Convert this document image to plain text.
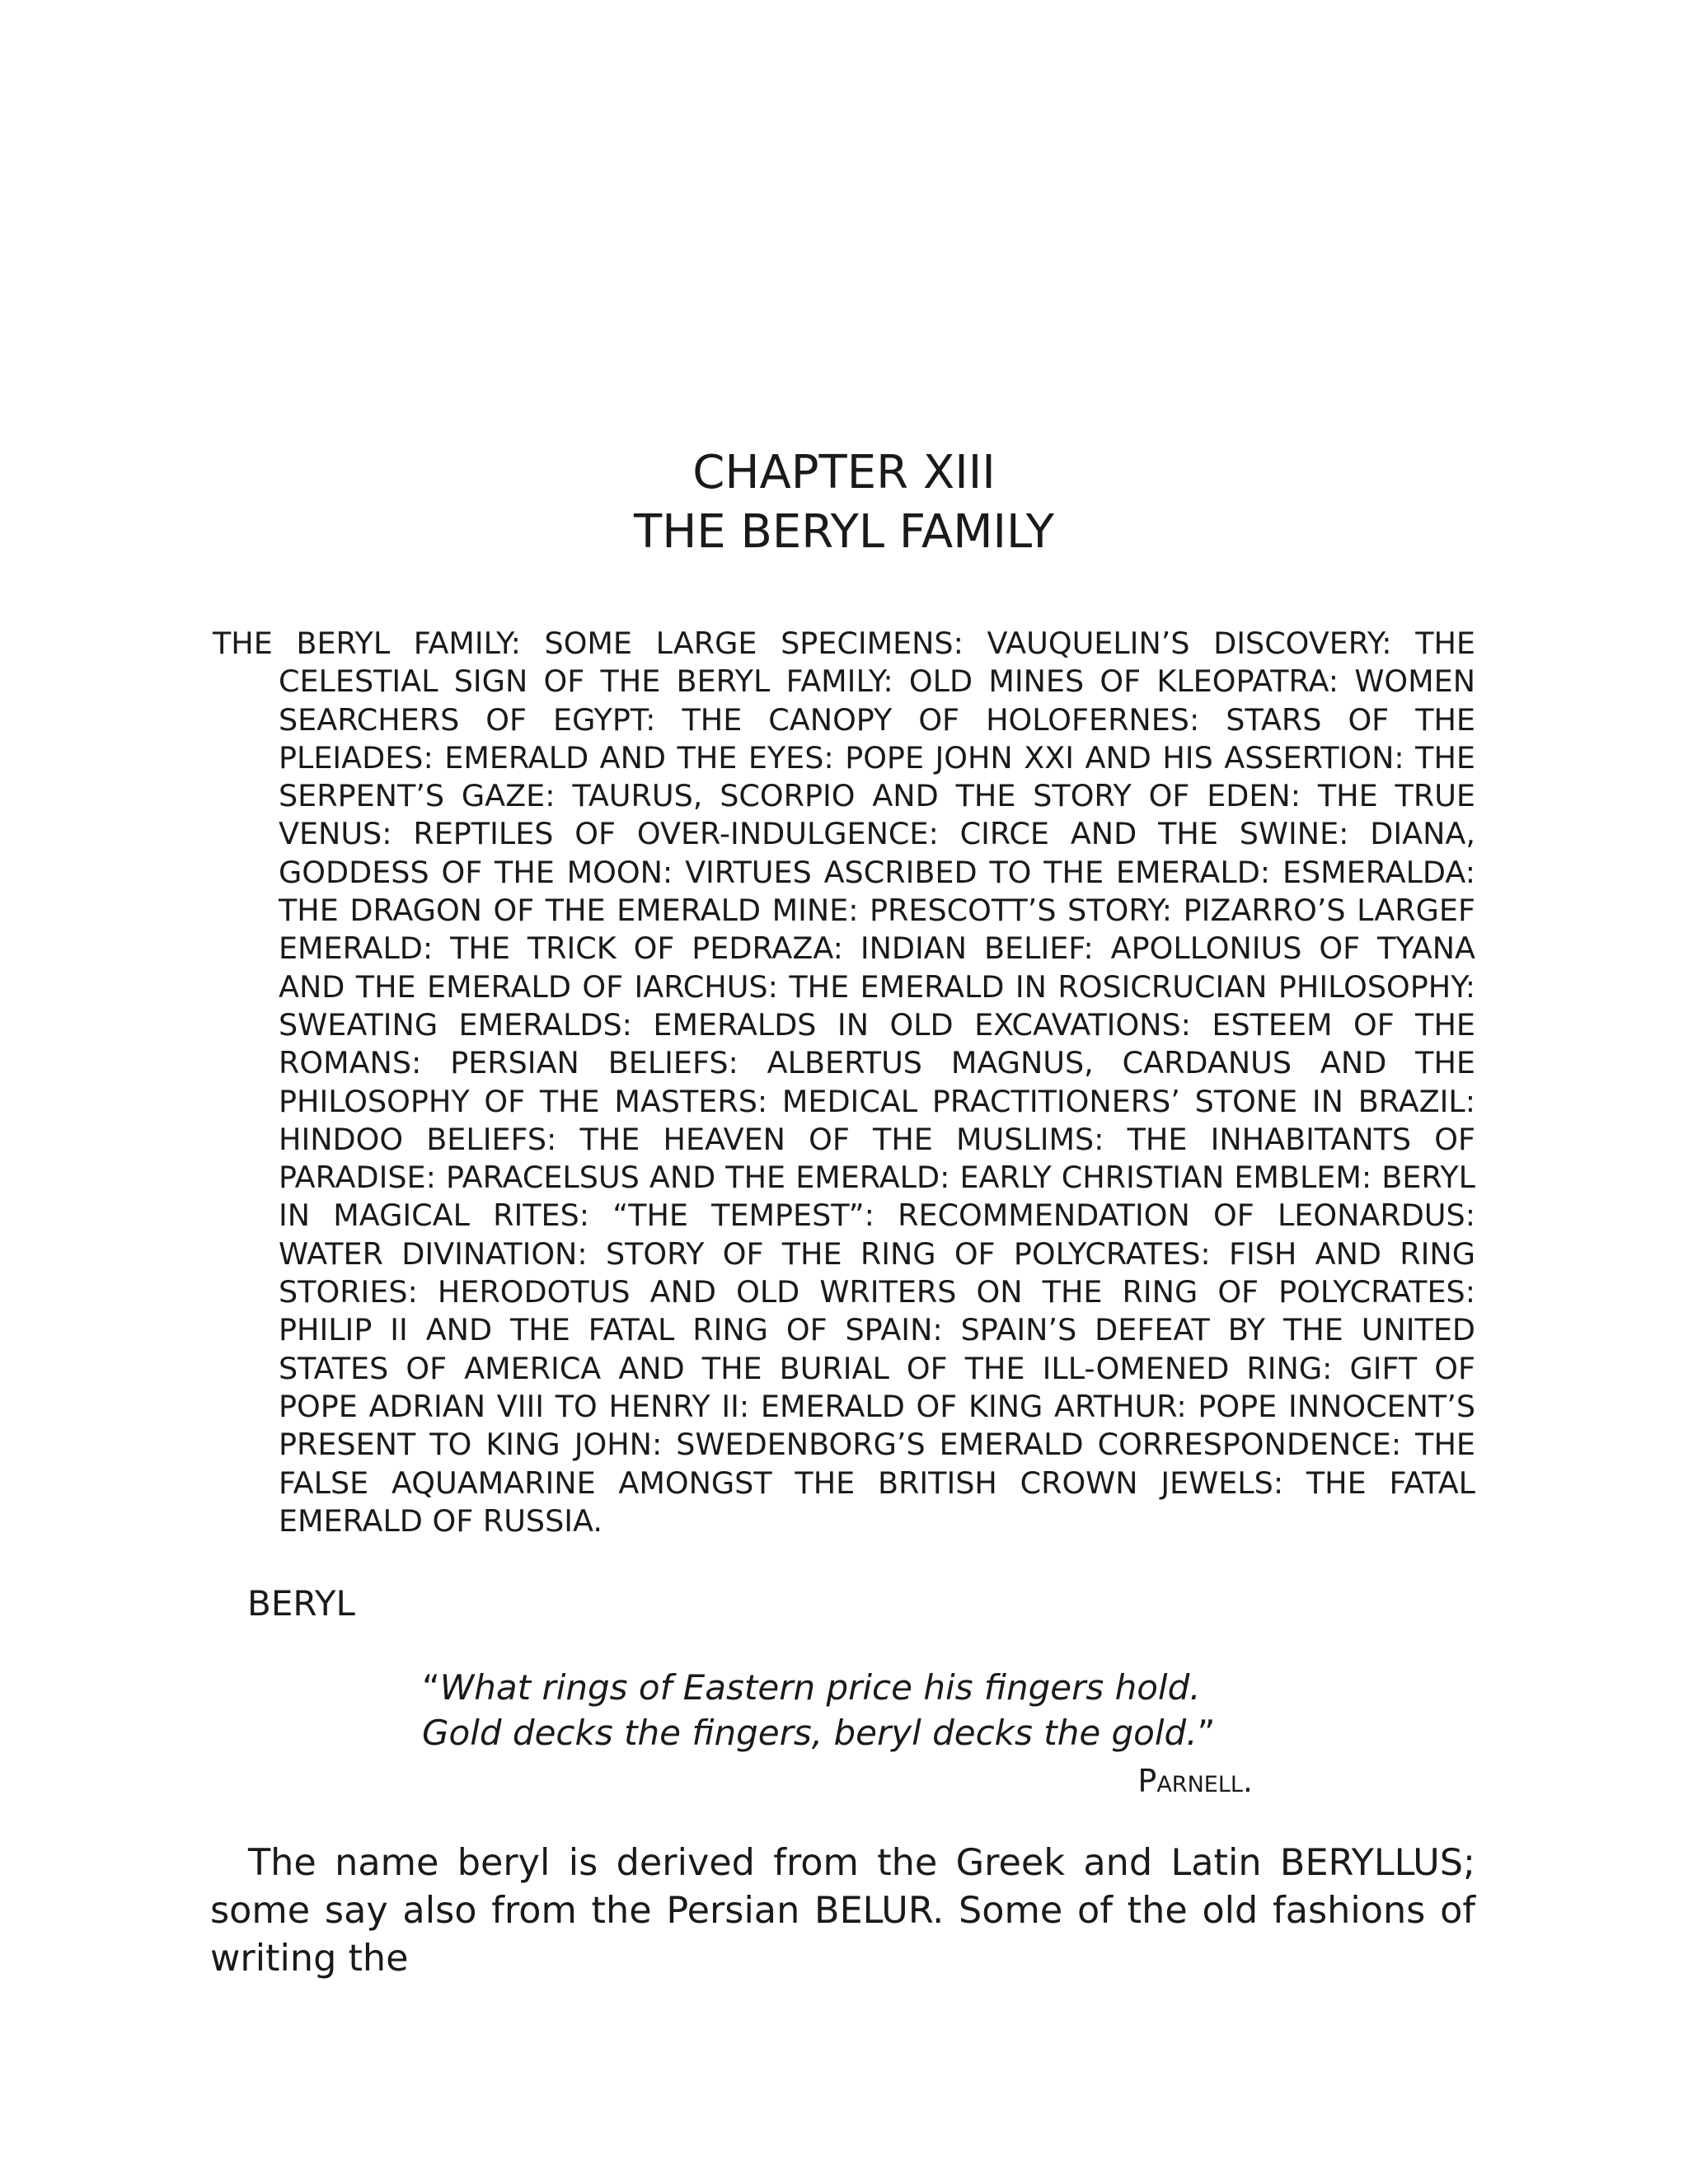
CHAPTER XIII
THE BERYL FAMILY
THE BERYL FAMILY: SOME LARGE SPECIMENS: VAUQUELIN’S DISCOVERY: THE CELESTIAL SIGN OF THE BERYL FAMILY: OLD MINES OF KLEOPATRA: WOMEN SEARCHERS OF EGYPT: THE CANOPY OF HOLOFERNES: STARS OF THE PLEIADES: EMERALD AND THE EYES: POPE JOHN XXI AND HIS ASSERTION: THE SERPENT’S GAZE: TAURUS, SCORPIO AND THE STORY OF EDEN: THE TRUE VENUS: REPTILES OF OVER-INDULGENCE: CIRCE AND THE SWINE: DIANA, GODDESS OF THE MOON: VIRTUES ASCRIBED TO THE EMERALD: ESMERALDA: THE DRAGON OF THE EMERALD MINE: PRESCOTT’S STORY: PIZARRO’S LARGEF EMERALD: THE TRICK OF PEDRAZA: INDIAN BELIEF: APOLLONIUS OF TYANA AND THE EMERALD OF IARCHUS: THE EMERALD IN ROSICRUCIAN PHILOSOPHY: SWEATING EMERALDS: EMERALDS IN OLD EXCAVATIONS: ESTEEM OF THE ROMANS: PERSIAN BELIEFS: ALBERTUS MAGNUS, CARDANUS AND THE PHILOSOPHY OF THE MASTERS: MEDICAL PRACTITIONERS’ STONE IN BRAZIL: HINDOO BELIEFS: THE HEAVEN OF THE MUSLIMS: THE INHABITANTS OF PARADISE: PARACELSUS AND THE EMERALD: EARLY CHRISTIAN EMBLEM: BERYL IN MAGICAL RITES: “THE TEMPEST”: RECOMMENDATION OF LEONARDUS: WATER DIVINATION: STORY OF THE RING OF POLYCRATES: FISH AND RING STORIES: HERODOTUS AND OLD WRITERS ON THE RING OF POLYCRATES: PHILIP II AND THE FATAL RING OF SPAIN: SPAIN’S DEFEAT BY THE UNITED STATES OF AMERICA AND THE BURIAL OF THE ILL-OMENED RING: GIFT OF POPE ADRIAN VIII TO HENRY II: EMERALD OF KING ARTHUR: POPE INNOCENT’S PRESENT TO KING JOHN: SWEDENBORG’S EMERALD CORRESPONDENCE: THE FALSE AQUAMARINE AMONGST THE BRITISH CROWN JEWELS: THE FATAL EMERALD OF RUSSIA.
BERYL
“What rings of Eastern price his fingers hold.
Gold decks the fingers, beryl decks the gold.”
Parnell.
The name beryl is derived from the Greek and Latin BERYLLUS; some say also from the Persian BELUR. Some of the old fashions of writing the
